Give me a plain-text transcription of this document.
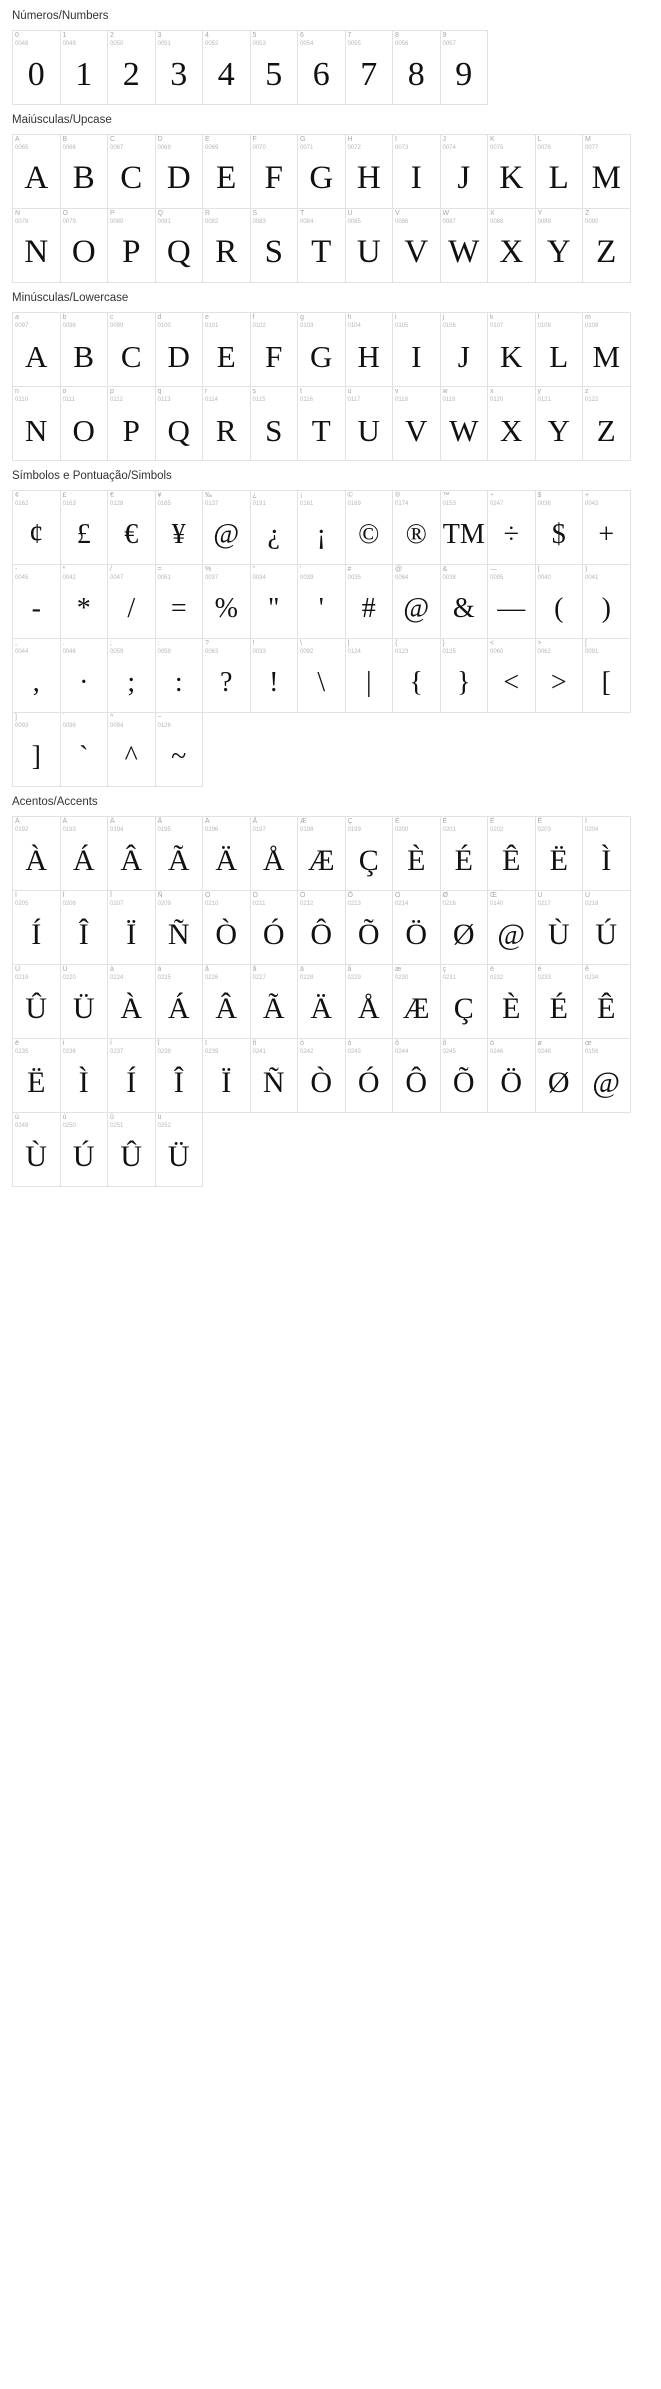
Números/Numbers
0
0048
0
1
0049
1
2
0050
2
3
0051
3
4
0052
4
5
0053
5
6
0054
6
7
0055
7
8
0056
8
9
0057
9
Maiúsculas/Upcase
A
0065
A
B
0066
B
C
0067
C
D
0068
D
E
0069
E
F
0070
F
G
0071
G
H
0072
H
I
0073
I
J
0074
J
K
0075
K
L
0076
L
M
0077
M
N
0078
N
O
0079
O
P
0080
P
Q
0081
Q
R
0082
R
S
0083
S
T
0084
T
U
0085
U
V
0086
V
W
0087
W
X
0088
X
Y
0089
Y
Z
0090
Z
Minúsculas/Lowercase
a
0097
A
b
0098
B
c
0099
C
d
0100
D
e
0101
E
f
0102
F
g
0103
G
h
0104
H
i
0105
I
j
0106
J
k
0107
K
l
0108
L
m
0109
M
n
0110
N
o
0111
O
p
0112
P
q
0113
Q
r
0114
R
s
0115
S
t
0116
T
u
0117
U
v
0118
V
w
0119
W
x
0120
X
y
0121
Y
z
0122
Z
Símbolos e Pontuação/Simbols
¢
0162
¢
£
0163
£
€
0128
€
¥
0165
¥
‰
0137
@
¿
0191
¿
¡
0161
¡
©
0169
©
®
0174
®
™
0153
TM
÷
0247
÷
$
0036
$
+
0043
+
-
0045
-
*
0042
*
/
0047
/
=
0061
=
%
0037
%
"
0034
"
'
0039
'
#
0035
#
@
0064
@
&
0038
&
—
0095
—
(
0040
(
)
0041
)
,
0044
,
.
0046
·
;
0059
;
:
0058
:
?
0063
?
!
0033
!
\
0092
\
|
0124
|
{
0123
{
}
0125
}
<
0060
<
>
0062
>
[
0091
[
]
0093
]
`
0096
`
^
0094
^
~
0126
~
Acentos/Accents
À
0192
À
Á
0193
Á
Â
0194
Â
Ã
0195
Ã
Ä
0196
Ä
Å
0197
Å
Æ
0198
Æ
Ç
0199
Ç
È
0200
È
É
0201
É
Ê
0202
Ê
Ë
0203
Ë
Ì
0204
Ì
Í
0205
Í
Î
0206
Î
Ï
0207
Ï
Ñ
0209
Ñ
Ò
0210
Ò
Ó
0211
Ó
Ô
0212
Ô
Õ
0213
Õ
Ö
0214
Ö
Ø
0216
Ø
Œ
0140
@
Ù
0217
Ù
Ú
0218
Ú
Û
0219
Û
Ü
0220
Ü
à
0224
À
á
0225
Á
â
0226
Â
ã
0227
Ã
ä
0228
Ä
å
0229
Å
æ
0230
Æ
ç
0231
Ç
è
0232
È
é
0233
É
ê
0234
Ê
ë
0235
Ë
ì
0236
Ì
í
0237
Í
î
0238
Î
ï
0239
Ï
ñ
0241
Ñ
ò
0242
Ò
ó
0243
Ó
ô
0244
Ô
õ
0245
Õ
ö
0246
Ö
ø
0248
Ø
œ
0156
@
ù
0249
Ù
ú
0250
Ú
û
0251
Û
ü
0252
Ü
